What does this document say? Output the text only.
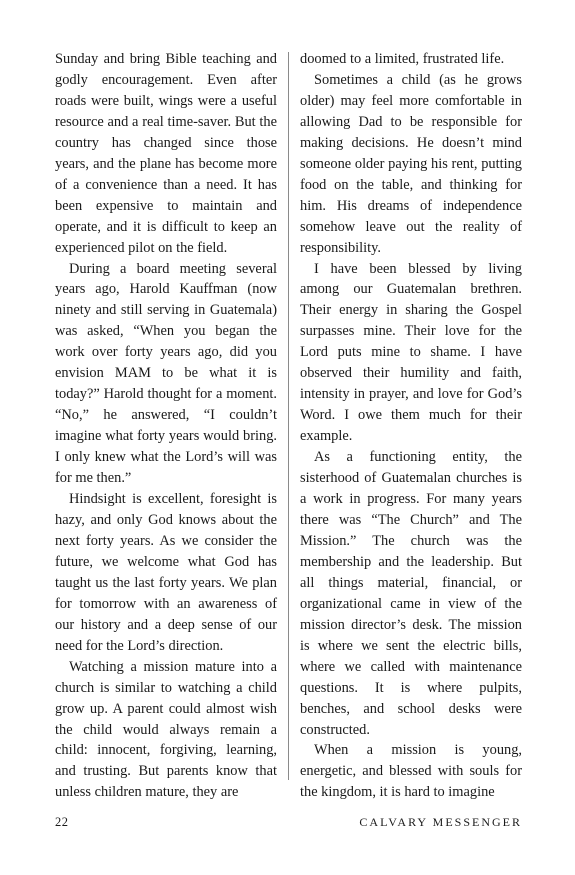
Sunday and bring Bible teaching and godly encouragement. Even after roads were built, wings were a useful resource and a real time-saver. But the country has changed since those years, and the plane has become more of a convenience than a need. It has been expensive to maintain and operate, and it is difficult to keep an experienced pilot on the field.

During a board meeting several years ago, Harold Kauffman (now ninety and still serving in Guatemala) was asked, “When you began the work over forty years ago, did you envision MAM to be what it is today?” Harold thought for a moment. “No,” he answered, “I couldn’t imagine what forty years would bring. I only knew what the Lord’s will was for me then.”

Hindsight is excellent, foresight is hazy, and only God knows about the next forty years. As we consider the future, we welcome what God has taught us the last forty years. We plan for tomorrow with an awareness of our history and a deep sense of our need for the Lord’s direction.

Watching a mission mature into a church is similar to watching a child grow up. A parent could almost wish the child would always remain a child: innocent, forgiving, learning, and trusting. But parents know that unless children mature, they are

doomed to a limited, frustrated life.

Sometimes a child (as he grows older) may feel more comfortable in allowing Dad to be responsible for making decisions. He doesn’t mind someone older paying his rent, putting food on the table, and thinking for him. His dreams of independence somehow leave out the reality of responsibility.

I have been blessed by living among our Guatemalan brethren. Their energy in sharing the Gospel surpasses mine. Their love for the Lord puts mine to shame. I have observed their humility and faith, intensity in prayer, and love for God’s Word. I owe them much for their example.

As a functioning entity, the sisterhood of Guatemalan churches is a work in progress. For many years there was “The Church” and The Mission.” The church was the membership and the leadership. But all things material, financial, or organizational came in view of the mission director’s desk. The mission is where we sent the electric bills, where we called with maintenance questions. It is where pulpits, benches, and school desks were constructed.

When a mission is young, energetic, and blessed with souls for the kingdom, it is hard to imagine

22	CALVARY MESSENGER
